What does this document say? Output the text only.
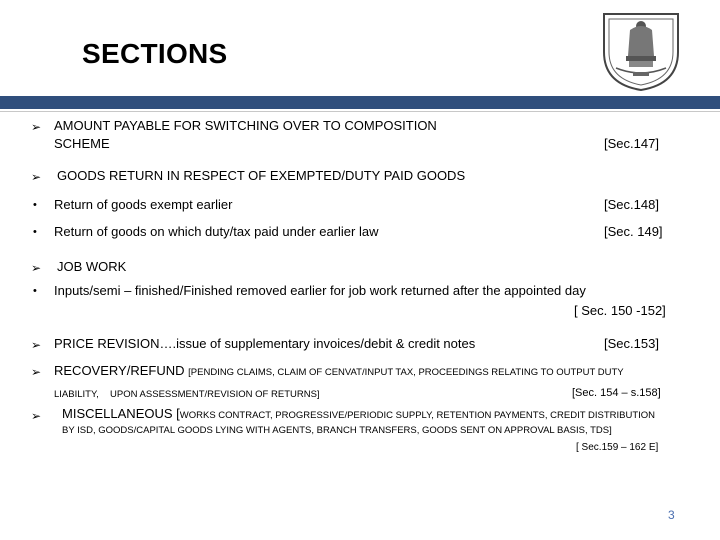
SECTIONS
➢ AMOUNT PAYABLE FOR SWITCHING OVER TO COMPOSITION
SCHEME	[Sec.147]
➢ GOODS RETURN IN RESPECT OF EXEMPTED/DUTY PAID GOODS
• Return of goods exempt earlier	[Sec.148]
• Return of goods on which duty/tax paid under earlier law	[Sec. 149]
➢ JOB WORK
• Inputs/semi – finished/Finished removed earlier for job work returned after the appointed day
[ Sec. 150 -152]
➢ PRICE REVISION….issue of supplementary invoices/debit & credit notes	[Sec.153]
➢ RECOVERY/REFUND [PENDING CLAIMS, CLAIM OF CENVAT/INPUT TAX, PROCEEDINGS RELATING TO OUTPUT DUTY
LIABILITY, UPON ASSESSMENT/REVISION OF RETURNS]	[Sec. 154 – s.158]
➢ MISCELLANEOUS [WORKS CONTRACT, PROGRESSIVE/PERIODIC SUPPLY, RETENTION PAYMENTS, CREDIT DISTRIBUTION
BY ISD, GOODS/CAPITAL GOODS LYING WITH AGENTS, BRANCH TRANSFERS, GOODS SENT ON APPROVAL BASIS, TDS]
[ Sec.159 – 162 E]
3
